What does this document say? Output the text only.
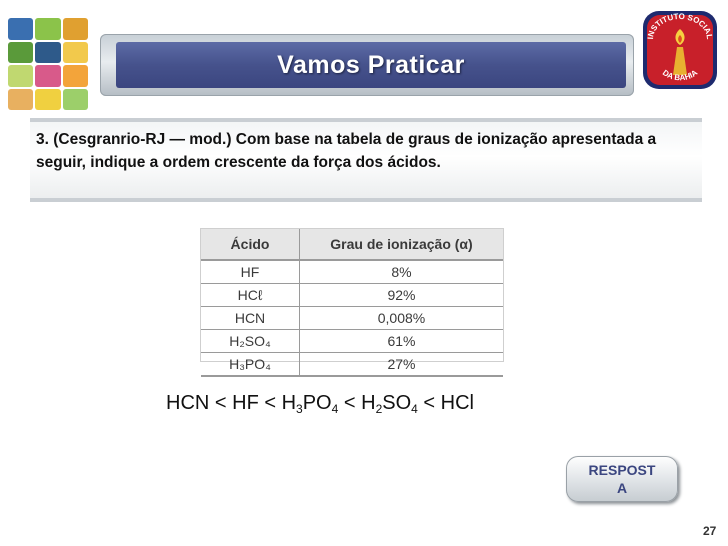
Vamos Praticar
INSTITUTO SOCIAL
DA BAHIA

3. (Cesgranrio-RJ — mod.) Com base na tabela de graus de ionização apresentada a seguir, indique a ordem crescente da força dos ácidos.

Ácido	Grau de ionização (α)
HF	8%
HCℓ	92%
HCN	0,008%
H₂SO₄	61%
H₃PO₄	27%
HCN < HF < $H_3PO_4 < H_2SO_4$ < HCl
RESPOSTA
27
